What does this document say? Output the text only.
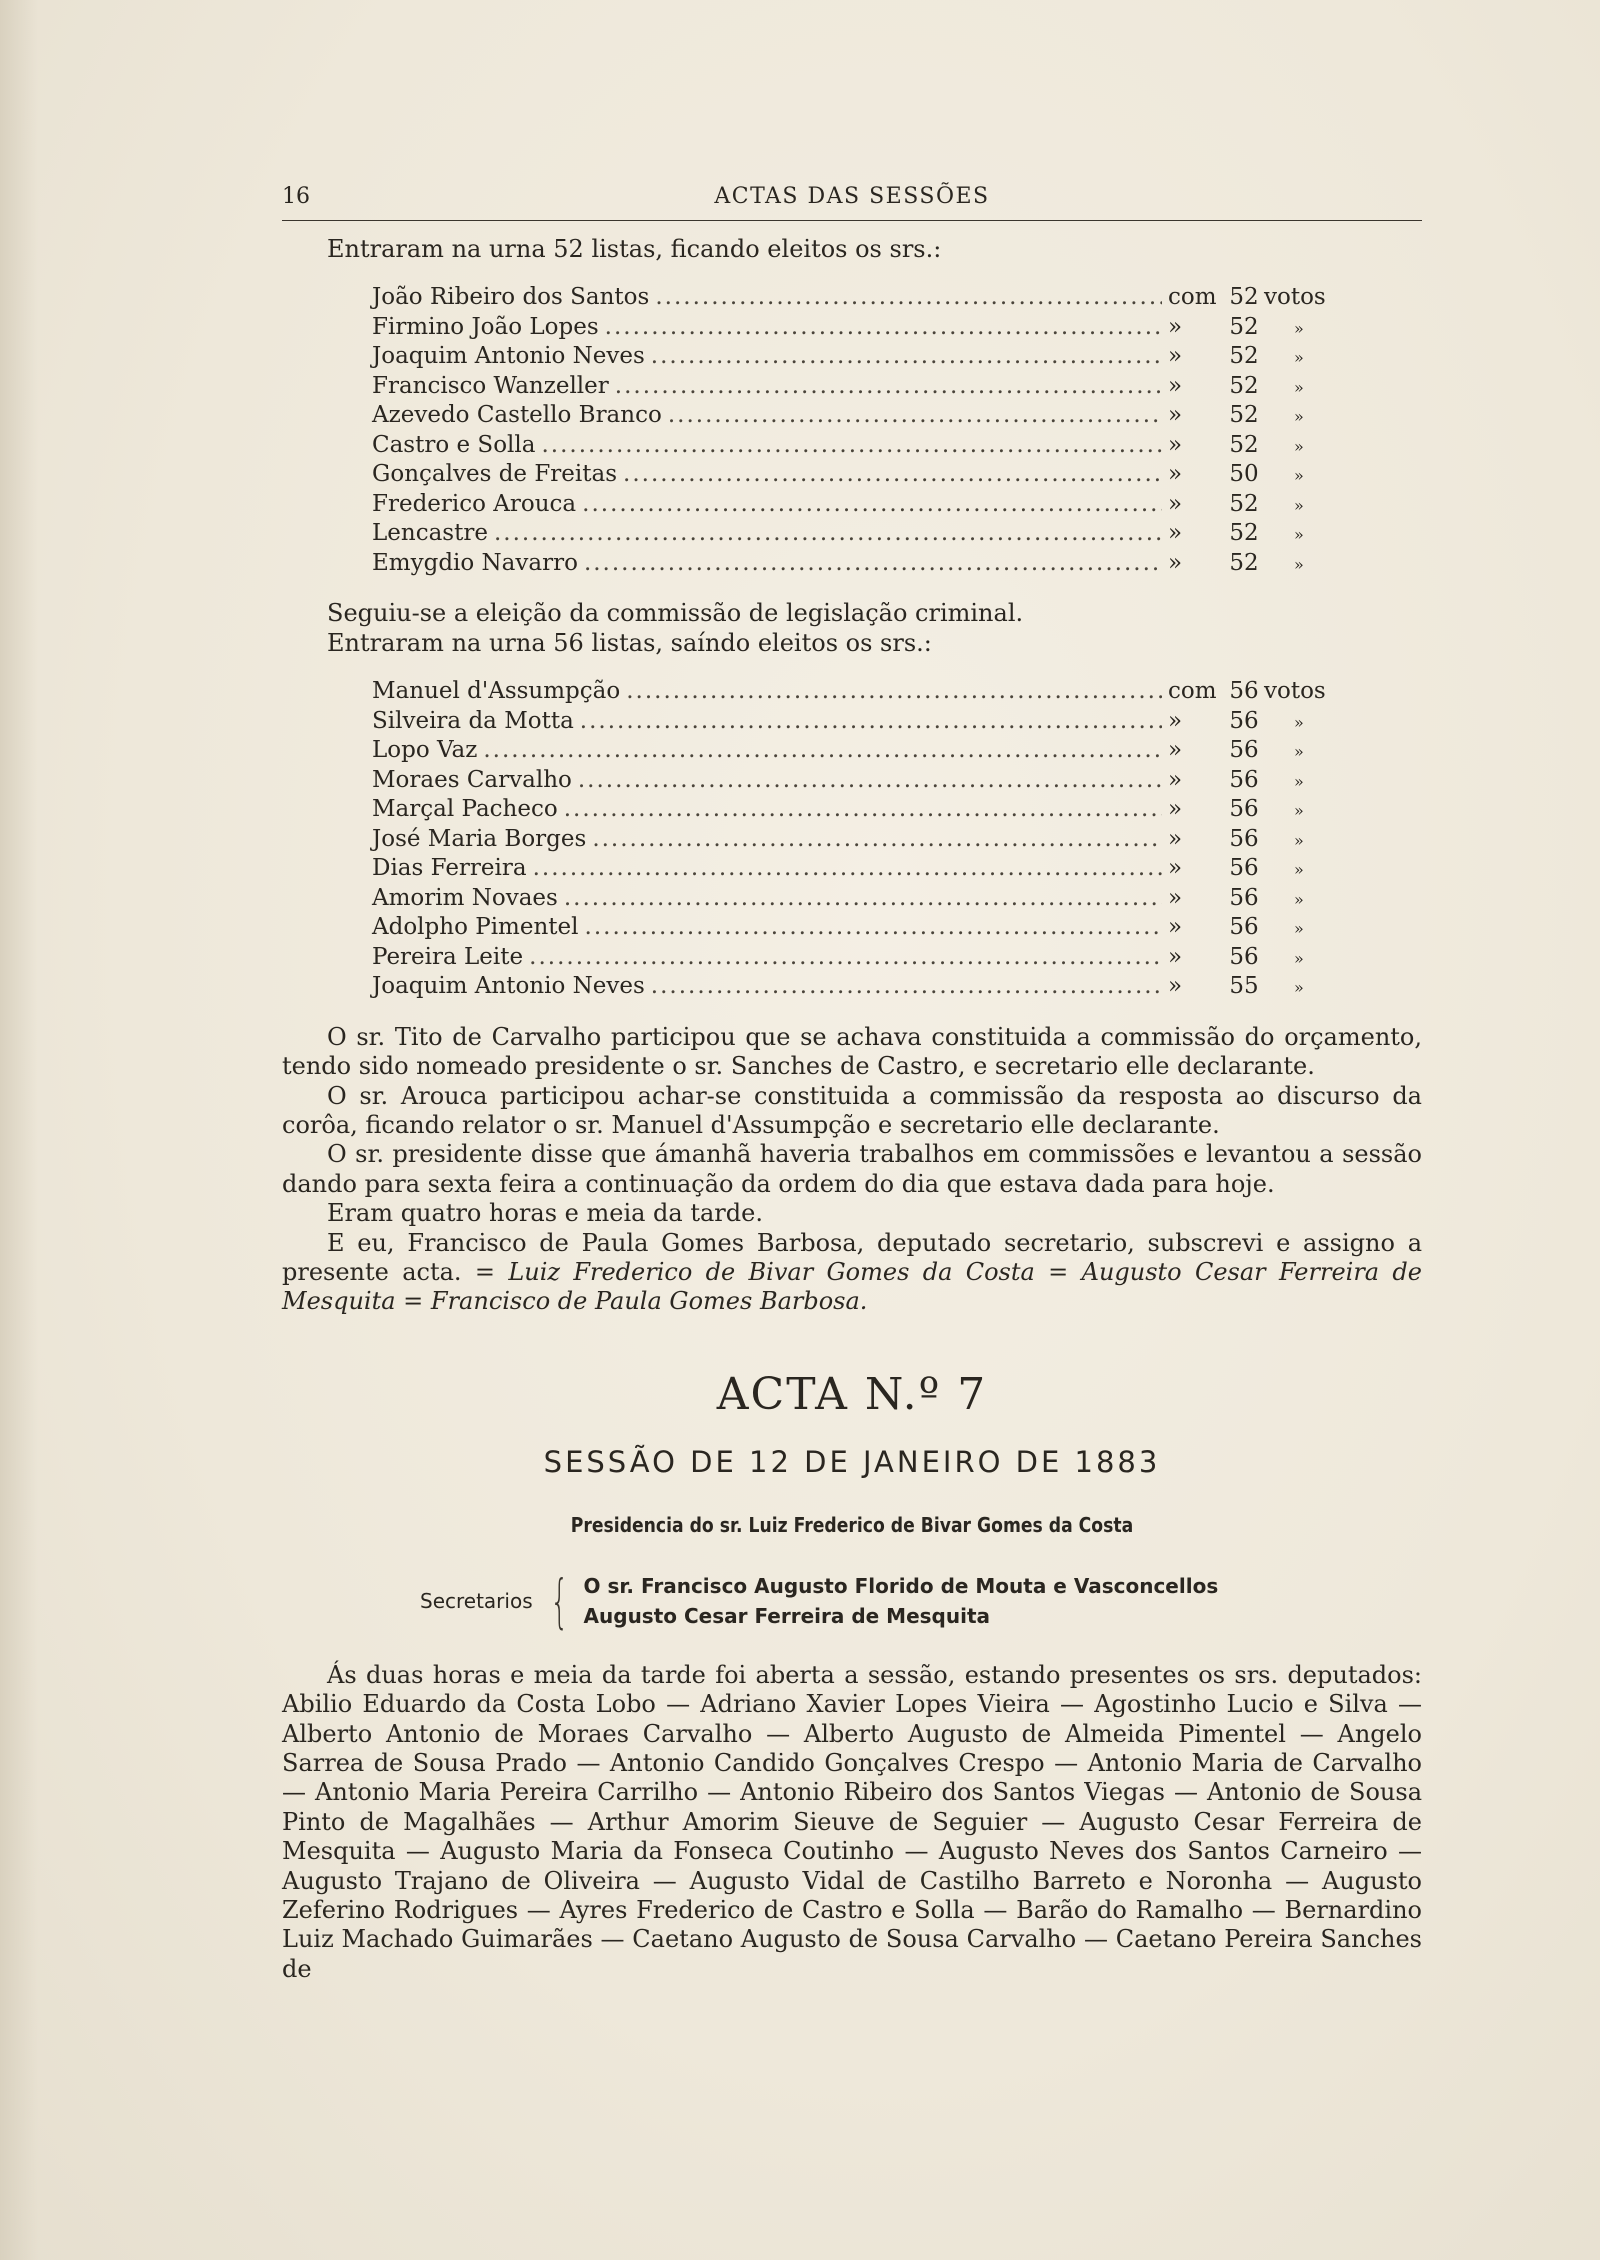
16	ACTAS DAS SESSÕES

Entraram na urna 52 listas, ficando eleitos os srs.:

João Ribeiro dos Santos .....	com 52 votos
Firmino João Lopes .....	»	52	»
Joaquim Antonio Neves .....	»	52	»
Francisco Wanzeller .....	»	52	»
Azevedo Castello Branco .....	»	52	»
Castro e Solla .....	»	52	»
Gonçalves de Freitas .....	»	50	»
Frederico Arouca .....	»	52	»
Lencastre .....	»	52	»
Emygdio Navarro .....	»	52	»

Seguiu-se a eleição da commissão de legislação criminal.

Entraram na urna 56 listas, saíndo eleitos os srs.:

Manuel d'Assumpção .....	com 56 votos
Silveira da Motta .....	»	56	»
Lopo Vaz .....	»	56	»
Moraes Carvalho .....	»	56	»
Marçal Pacheco .....	»	56	»
José Maria Borges .....	»	56	»
Dias Ferreira .....	»	56	»
Amorim Novaes .....	»	56	»
Adolpho Pimentel .....	»	56	»
Pereira Leite .....	»	56	»
Joaquim Antonio Neves .....	»	55	»

O sr. Tito de Carvalho participou que se achava constituida a commissão do orçamento, tendo sido nomeado presidente o sr. Sanches de Castro, e secretario elle declarante.

O sr. Arouca participou achar-se constituida a commissão da resposta ao discurso da corôa, ficando relator o sr. Manuel d'Assumpção e secretario elle declarante.

O sr. presidente disse que ámanhã haveria trabalhos em commissões e levantou a sessão dando para sexta feira a continuação da ordem do dia que estava dada para hoje.

Eram quatro horas e meia da tarde.

E eu, Francisco de Paula Gomes Barbosa, deputado secretario, subscrevi e assigno a presente acta. = Luiz Frederico de Bivar Gomes da Costa = Augusto Cesar Ferreira de Mesquita = Francisco de Paula Gomes Barbosa.

ACTA N.º 7
SESSÃO DE 12 DE JANEIRO DE 1883
Presidencia do sr. Luiz Frederico de Bivar Gomes da Costa
Secretarios { O sr. Francisco Augusto Florido de Mouta e Vasconcellos
Augusto Cesar Ferreira de Mesquita

Ás duas horas e meia da tarde foi aberta a sessão, estando presentes os srs. deputados: Abilio Eduardo da Costa Lobo — Adriano Xavier Lopes Vieira — Agostinho Lucio e Silva — Alberto Antonio de Moraes Carvalho — Alberto Augusto de Almeida Pimentel — Angelo Sarrea de Sousa Prado — Antonio Candido Gonçalves Crespo — Antonio Maria de Carvalho — Antonio Maria Pereira Carrilho — Antonio Ribeiro dos Santos Viegas — Antonio de Sousa Pinto de Magalhães — Arthur Amorim Sieuve de Seguier — Augusto Cesar Ferreira de Mesquita — Augusto Maria da Fonseca Coutinho — Augusto Neves dos Santos Carneiro — Augusto Trajano de Oliveira — Augusto Vidal de Castilho Barreto e Noronha — Augusto Zeferino Rodrigues — Ayres Frederico de Castro e Solla — Barão do Ramalho — Bernardino Luiz Machado Guimarães — Caetano Augusto de Sousa Carvalho — Caetano Pereira Sanches de
